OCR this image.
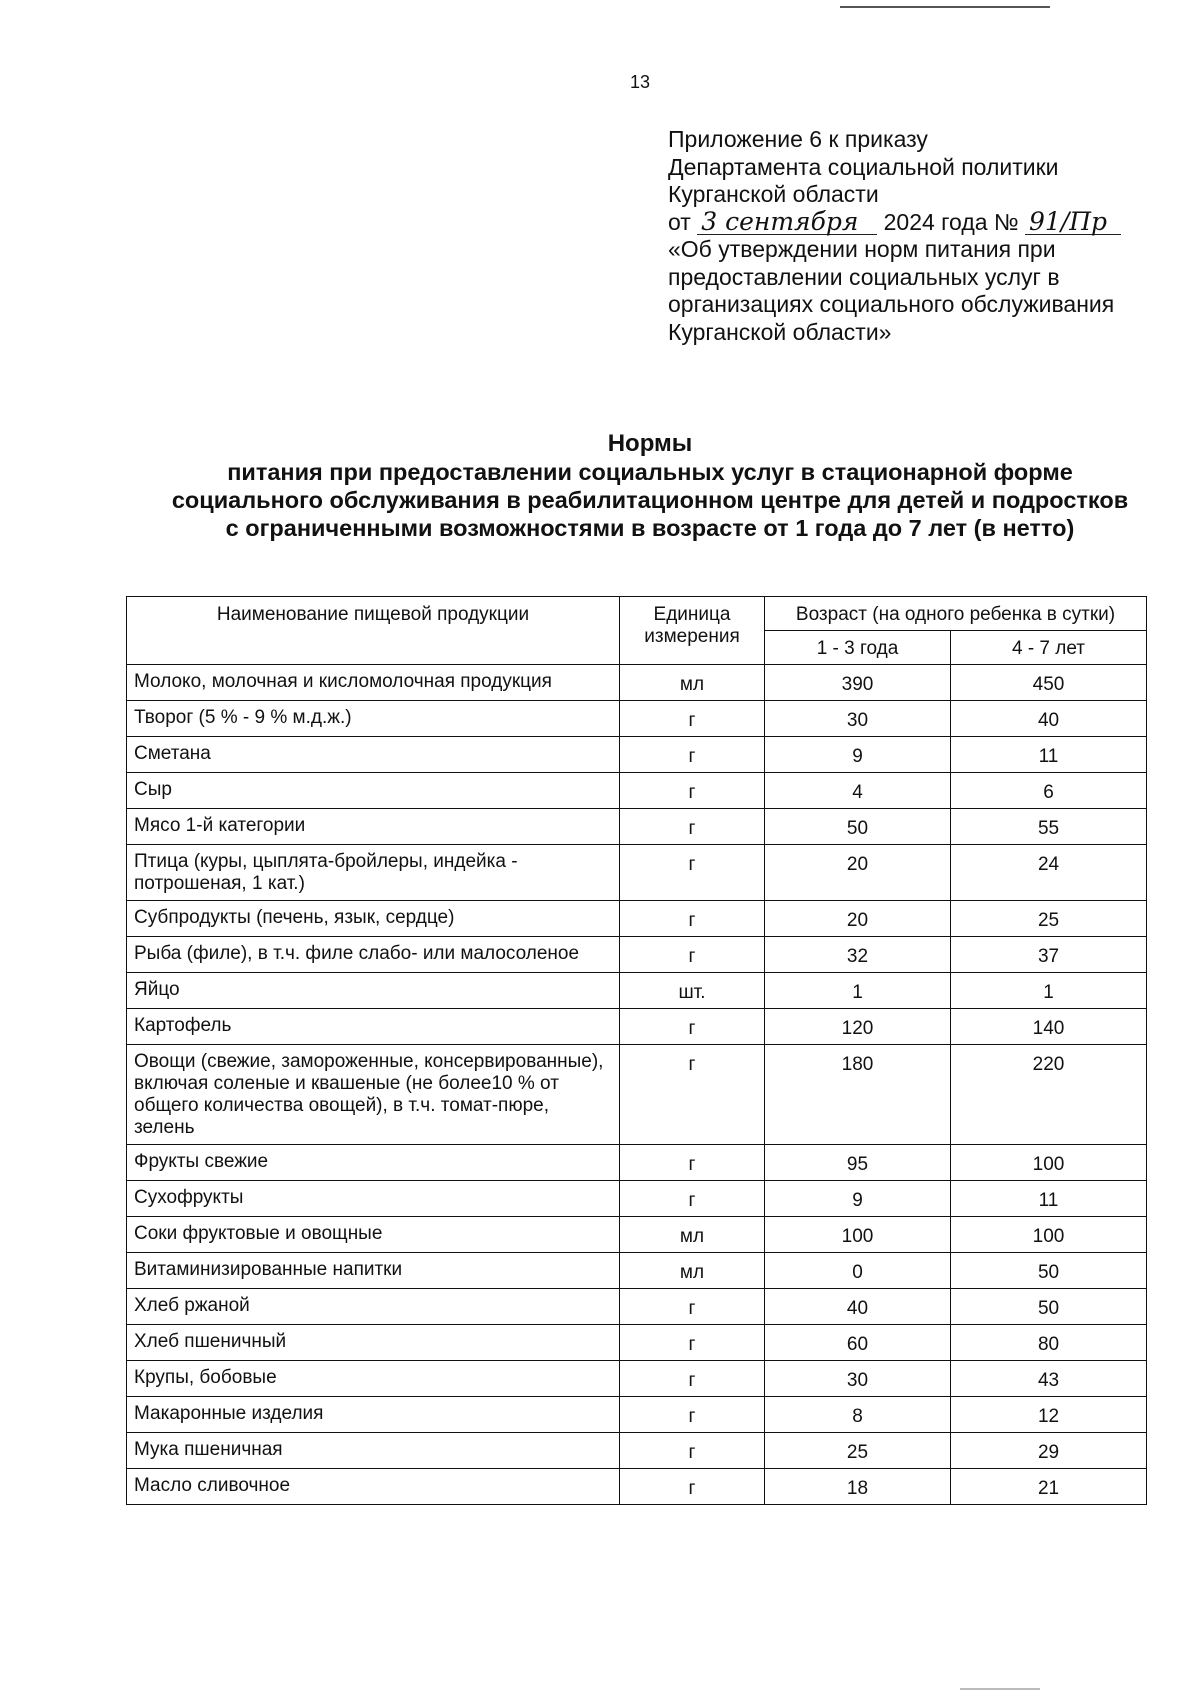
13
Приложение 6 к приказу
Департамента социальной политики
Курганской области
от 3 сентября 2024 года № 91/Пр
«Об утверждении норм питания при
предоставлении социальных услуг в
организациях социального обслуживания
Курганской области»
Нормы
питания при предоставлении социальных услуг в стационарной форме
социального обслуживания в реабилитационном центре для детей и подростков
с ограниченными возможностями в возрасте от 1 года до 7 лет (в нетто)
Наименование пищевой продукции	Единица измерения	Возраст (на одного ребенка в сутки)	
		1 - 3 года	4 - 7 лет
Молоко, молочная и кисломолочная продукция	мл	390	450
Творог (5 % - 9 % м.д.ж.)	г	30	40
Сметана	г	9	11
Сыр	г	4	6
Мясо 1-й категории	г	50	55
Птица (куры, цыплята-бройлеры, индейка - потрошеная, 1 кат.)	г	20	24
Субпродукты (печень, язык, сердце)	г	20	25
Рыба (филе), в т.ч. филе слабо- или малосоленое	г	32	37
Яйцо	шт.	1	1
Картофель	г	120	140
Овощи (свежие, замороженные, консервированные), включая соленые и квашеные (не более10 % от общего количества овощей), в т.ч. томат-пюре, зелень	г	180	220
Фрукты свежие	г	95	100
Сухофрукты	г	9	11
Соки фруктовые и овощные	мл	100	100
Витаминизированные напитки	мл	0	50
Хлеб ржаной	г	40	50
Хлеб пшеничный	г	60	80
Крупы, бобовые	г	30	43
Макаронные изделия	г	8	12
Мука пшеничная	г	25	29
Масло сливочное	г	18	21
